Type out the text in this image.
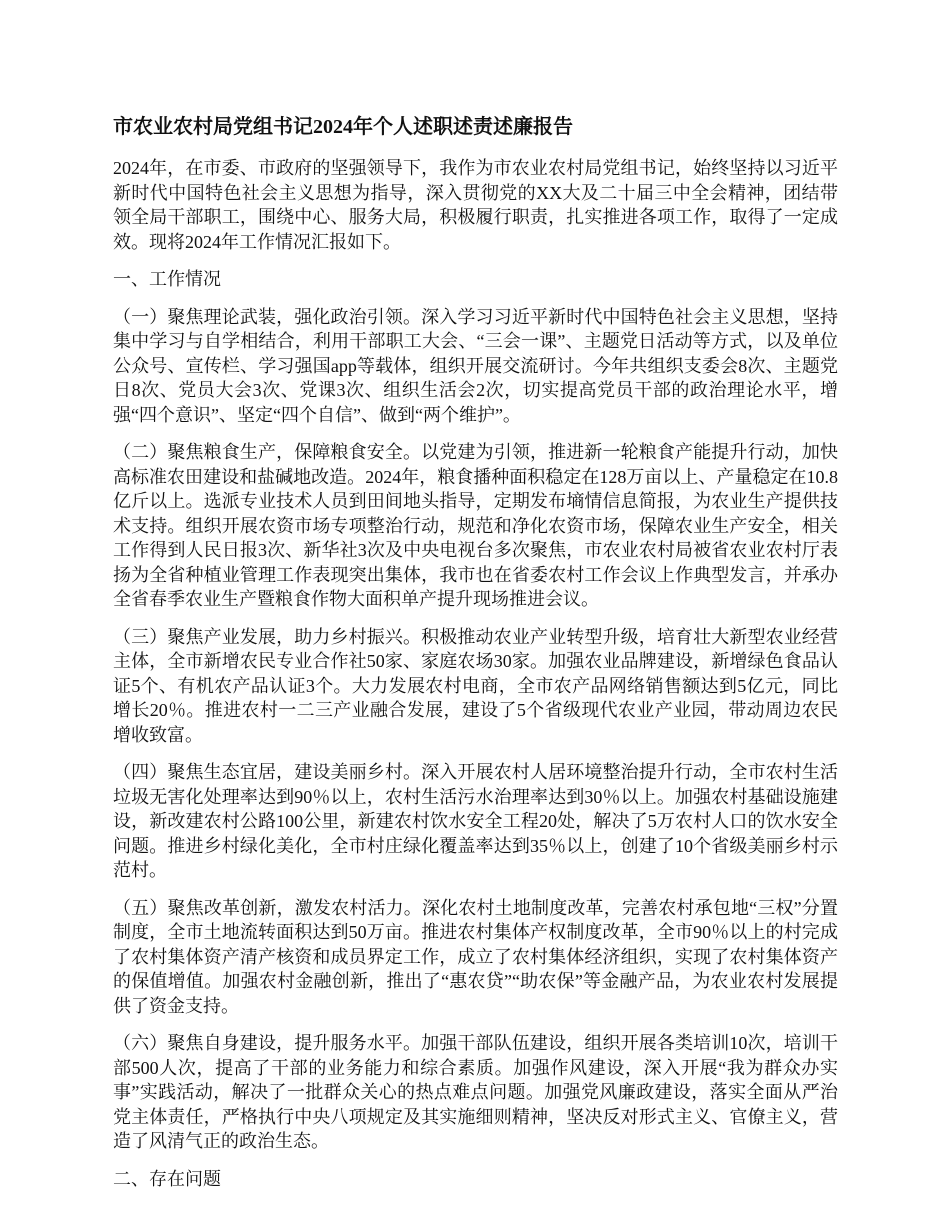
市农业农村局党组书记2024年个人述职述责述廉报告

2024年，在市委、市政府的坚强领导下，我作为市农业农村局党组书记，始终坚持以习近平新时代中国特色社会主义思想为指导，深入贯彻党的XX大及二十届三中全会精神，团结带领全局干部职工，围绕中心、服务大局，积极履行职责，扎实推进各项工作，取得了一定成效。现将2024年工作情况汇报如下。

一、工作情况

（一）聚焦理论武装，强化政治引领。深入学习习近平新时代中国特色社会主义思想，坚持集中学习与自学相结合，利用干部职工大会、“三会一课”、主题党日活动等方式，以及单位公众号、宣传栏、学习强国app等载体，组织开展交流研讨。今年共组织支委会8次、主题党日8次、党员大会3次、党课3次、组织生活会2次，切实提高党员干部的政治理论水平，增强“四个意识”、坚定“四个自信”、做到“两个维护”。

（二）聚焦粮食生产，保障粮食安全。以党建为引领，推进新一轮粮食产能提升行动，加快高标准农田建设和盐碱地改造。2024年，粮食播种面积稳定在128万亩以上、产量稳定在10.8亿斤以上。选派专业技术人员到田间地头指导，定期发布墒情信息简报，为农业生产提供技术支持。组织开展农资市场专项整治行动，规范和净化农资市场，保障农业生产安全，相关工作得到人民日报3次、新华社3次及中央电视台多次聚焦，市农业农村局被省农业农村厅表扬为全省种植业管理工作表现突出集体，我市也在省委农村工作会议上作典型发言，并承办全省春季农业生产暨粮食作物大面积单产提升现场推进会议。

（三）聚焦产业发展，助力乡村振兴。积极推动农业产业转型升级，培育壮大新型农业经营主体，全市新增农民专业合作社50家、家庭农场30家。加强农业品牌建设，新增绿色食品认证5个、有机农产品认证3个。大力发展农村电商，全市农产品网络销售额达到5亿元，同比增长20％。推进农村一二三产业融合发展，建设了5个省级现代农业产业园，带动周边农民增收致富。

（四）聚焦生态宜居，建设美丽乡村。深入开展农村人居环境整治提升行动，全市农村生活垃圾无害化处理率达到90％以上，农村生活污水治理率达到30％以上。加强农村基础设施建设，新改建农村公路100公里，新建农村饮水安全工程20处，解决了5万农村人口的饮水安全问题。推进乡村绿化美化，全市村庄绿化覆盖率达到35％以上，创建了10个省级美丽乡村示范村。

（五）聚焦改革创新，激发农村活力。深化农村土地制度改革，完善农村承包地“三权”分置制度，全市土地流转面积达到50万亩。推进农村集体产权制度改革，全市90％以上的村完成了农村集体资产清产核资和成员界定工作，成立了农村集体经济组织，实现了农村集体资产的保值增值。加强农村金融创新，推出了“惠农贷”“助农保”等金融产品，为农业农村发展提供了资金支持。

（六）聚焦自身建设，提升服务水平。加强干部队伍建设，组织开展各类培训10次，培训干部500人次，提高了干部的业务能力和综合素质。加强作风建设，深入开展“我为群众办实事”实践活动，解决了一批群众关心的热点难点问题。加强党风廉政建设，落实全面从严治党主体责任，严格执行中央八项规定及其实施细则精神，坚决反对形式主义、官僚主义，营造了风清气正的政治生态。

二、存在问题
